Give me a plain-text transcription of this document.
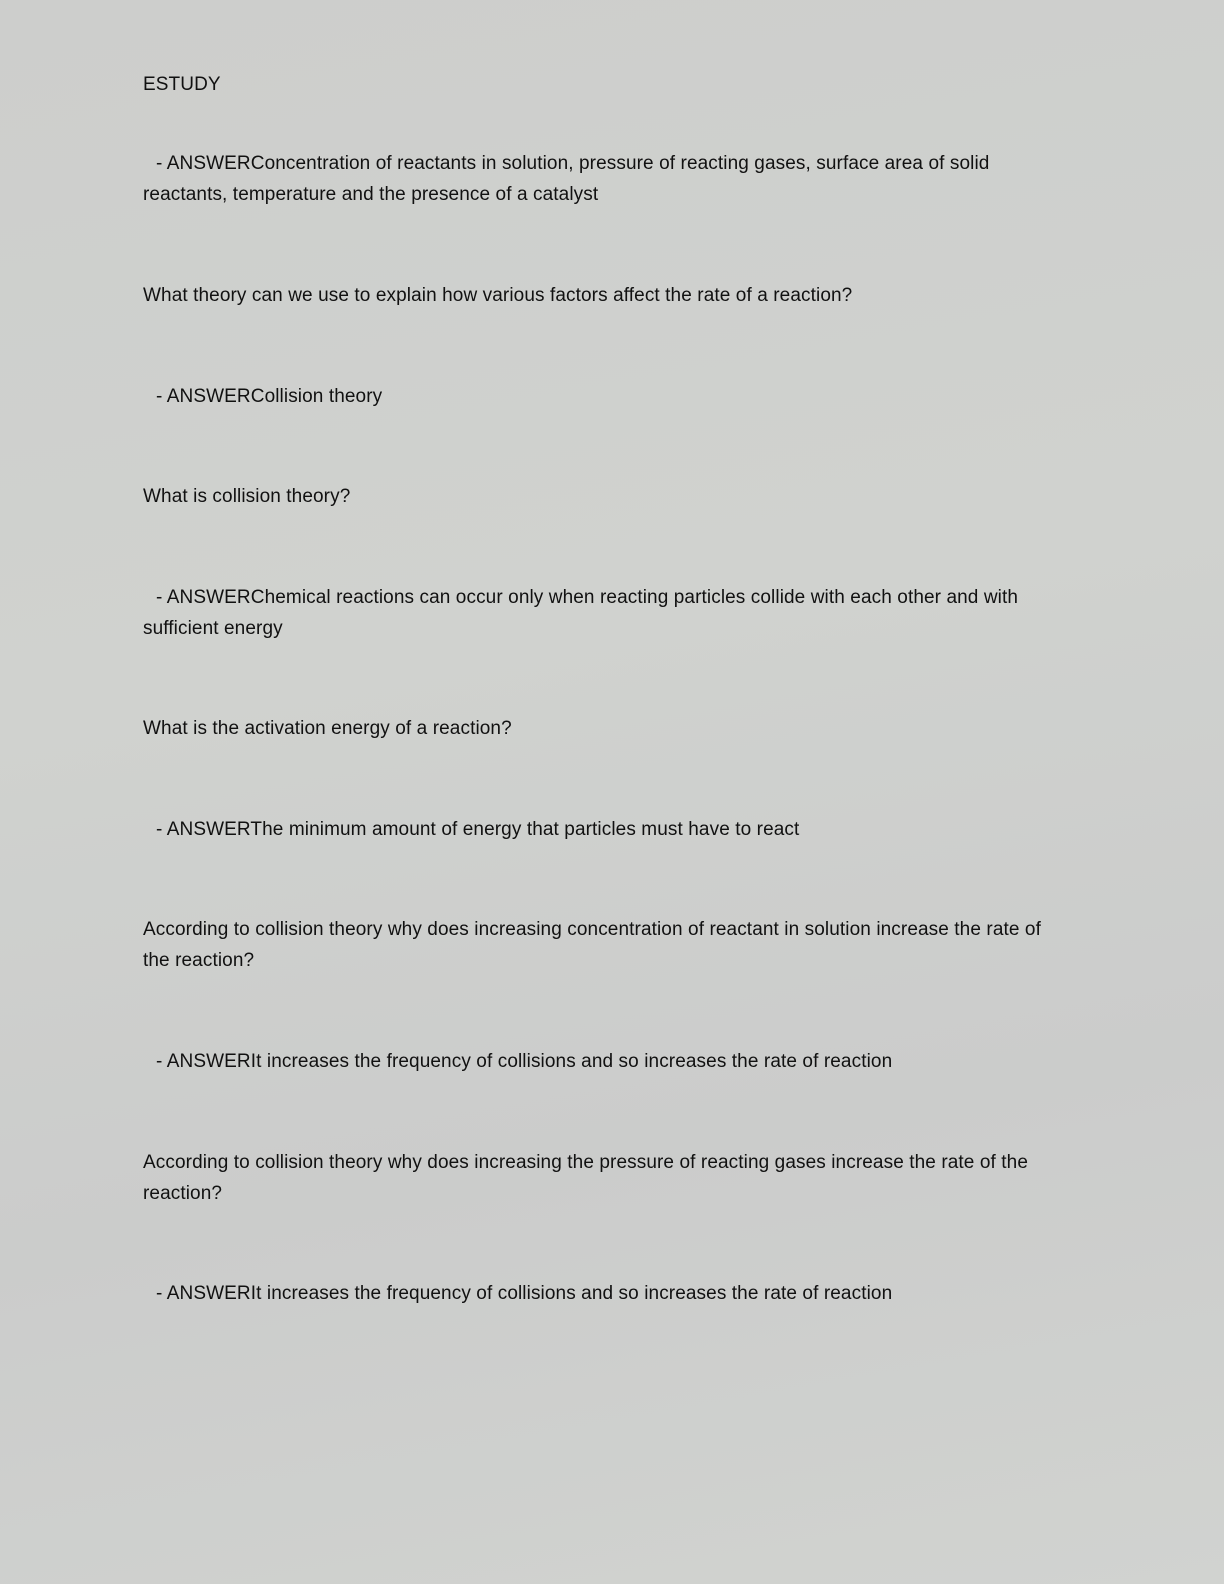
ESTUDY
- ANSWERConcentration of reactants in solution, pressure of reacting gases, surface area of solid reactants, temperature and the presence of a catalyst
What theory can we use to explain how various factors affect the rate of a reaction?
- ANSWERCollision theory
What is collision theory?
- ANSWERChemical reactions can occur only when reacting particles collide with each other and with sufficient energy
What is the activation energy of a reaction?
- ANSWERThe minimum amount of energy that particles must have to react
According to collision theory why does increasing concentration of reactant in solution increase the rate of the reaction?
- ANSWERIt increases the frequency of collisions and so increases the rate of reaction
According to collision theory why does increasing the pressure of reacting gases increase the rate of the reaction?
- ANSWERIt increases the frequency of collisions and so increases the rate of reaction
